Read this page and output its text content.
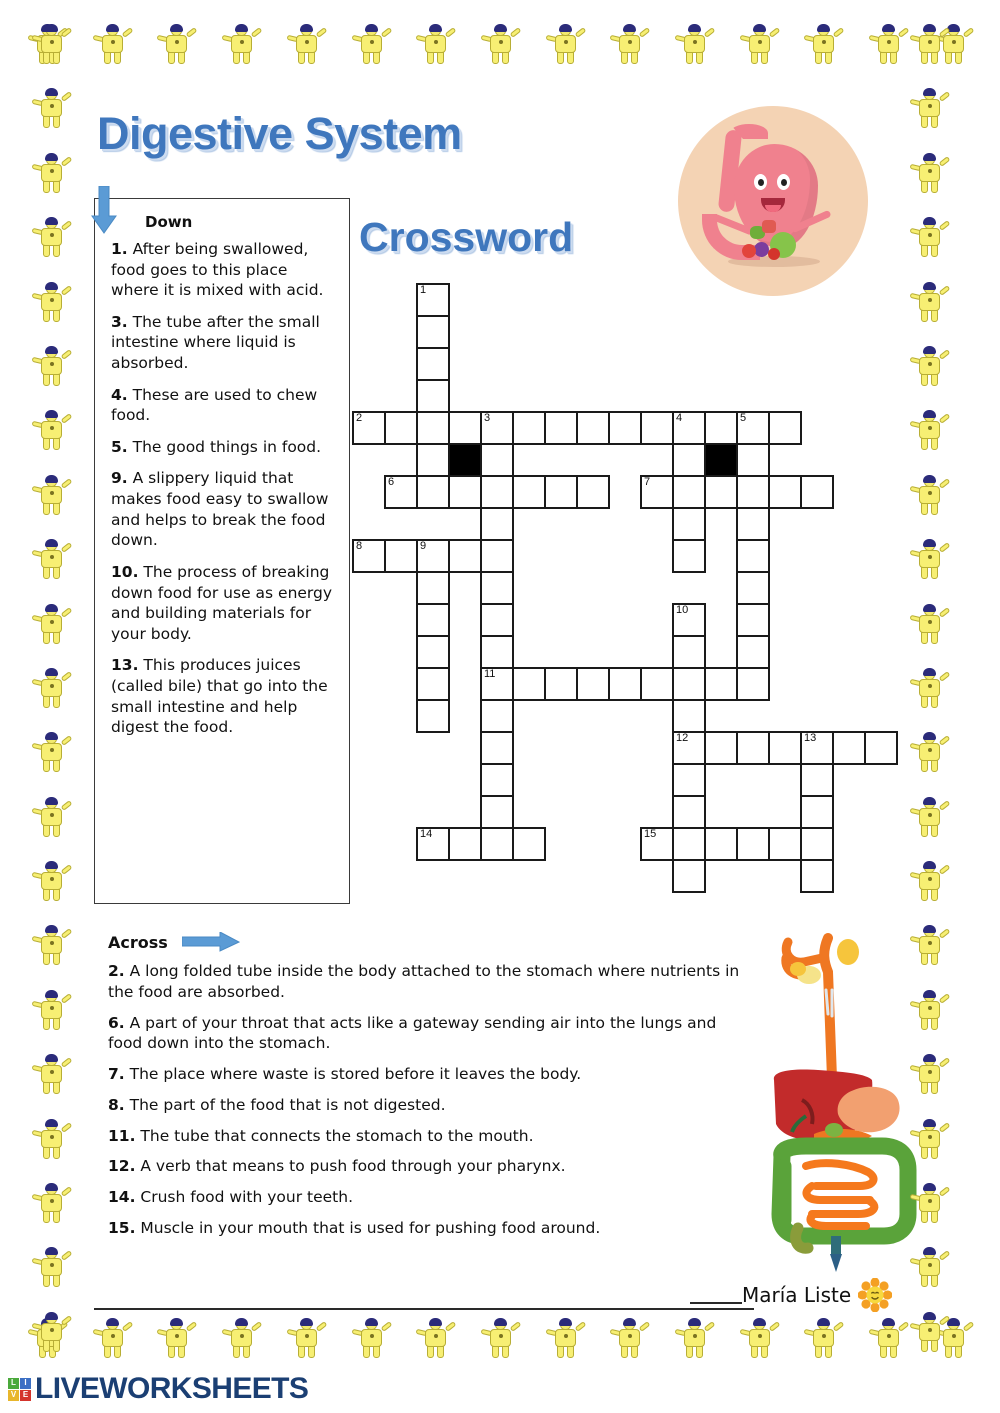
Digestive System
Crossword
Down

1. After being swallowed, food goes to this place where it is mixed with acid.

3. The tube after the small intestine where liquid is absorbed.

4. These are used to chew food.

5. The good things in food.

9. A slippery liquid that makes food easy to swallow and helps to break the food down.

10. The process of breaking down food for use as energy and building materials for your body.

13. This produces juices (called bile) that go into the small intestine and help digest the food.

1
2	3	4	5
6	7
8	9
10
11
12	13
14	15
Across

2. A long folded tube inside the body attached to the stomach where nutrients in the food are absorbed.

6. A part of your throat that acts like a gateway sending air into the lungs and food down into the stomach.

7. The place where waste is stored before it leaves the body.

8. The part of the food that is not digested.

11. The tube that connects the stomach to the mouth.

12. A verb that means to push food through your pharynx.

14. Crush food with your teeth.

15. Muscle in your mouth that is used for pushing food around.

María Liste
L	I
V E LIVEWORKSHEETS
